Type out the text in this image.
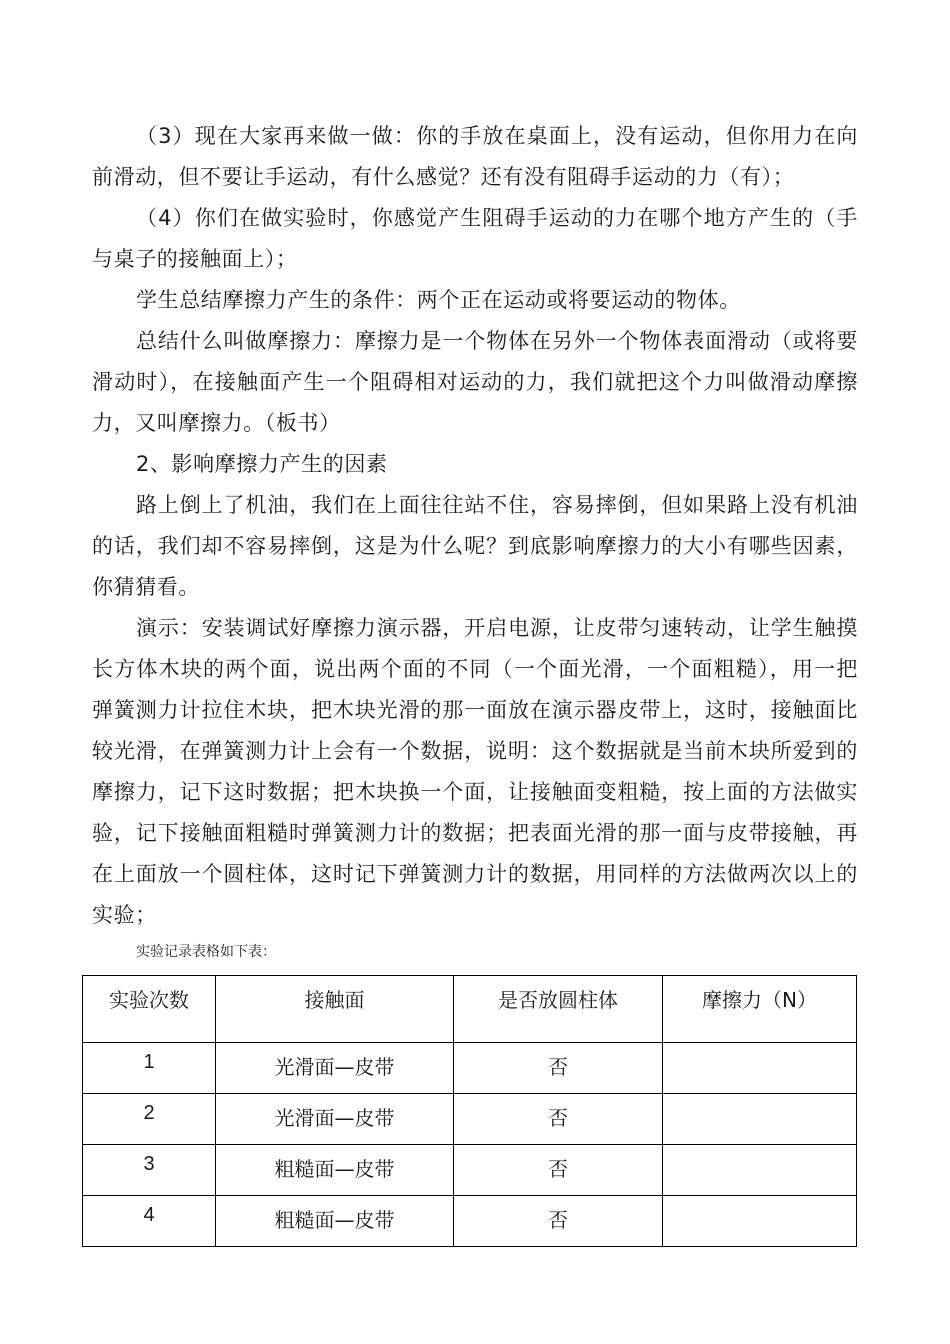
（3）现在大家再来做一做：你的手放在桌面上，没有运动，但你用力在向前滑动，但不要让手运动，有什么感觉？还有没有阻碍手运动的力（有）；

（4）你们在做实验时，你感觉产生阻碍手运动的力在哪个地方产生的（手与桌子的接触面上）；

学生总结摩擦力产生的条件：两个正在运动或将要运动的物体。

总结什么叫做摩擦力：摩擦力是一个物体在另外一个物体表面滑动（或将要滑动时），在接触面产生一个阻碍相对运动的力，我们就把这个力叫做滑动摩擦力，又叫摩擦力。（板书）

2、影响摩擦力产生的因素

路上倒上了机油，我们在上面往往站不住，容易摔倒，但如果路上没有机油的话，我们却不容易摔倒，这是为什么呢？到底影响摩擦力的大小有哪些因素，你猜猜看。

演示：安装调试好摩擦力演示器，开启电源，让皮带匀速转动，让学生触摸长方体木块的两个面，说出两个面的不同（一个面光滑，一个面粗糙），用一把弹簧测力计拉住木块，把木块光滑的那一面放在演示器皮带上，这时，接触面比较光滑，在弹簧测力计上会有一个数据，说明：这个数据就是当前木块所爱到的摩擦力，记下这时数据；把木块换一个面，让接触面变粗糙，按上面的方法做实验，记下接触面粗糙时弹簧测力计的数据；把表面光滑的那一面与皮带接触，再在上面放一个圆柱体，这时记下弹簧测力计的数据，用同样的方法做两次以上的实验；

实验记录表格如下表：
实验次数	接触面	是否放圆柱体	摩擦力（N）
1	光滑面—皮带	否	
2	光滑面—皮带	否	
3	粗糙面—皮带	否	
4	粗糙面—皮带	否	
